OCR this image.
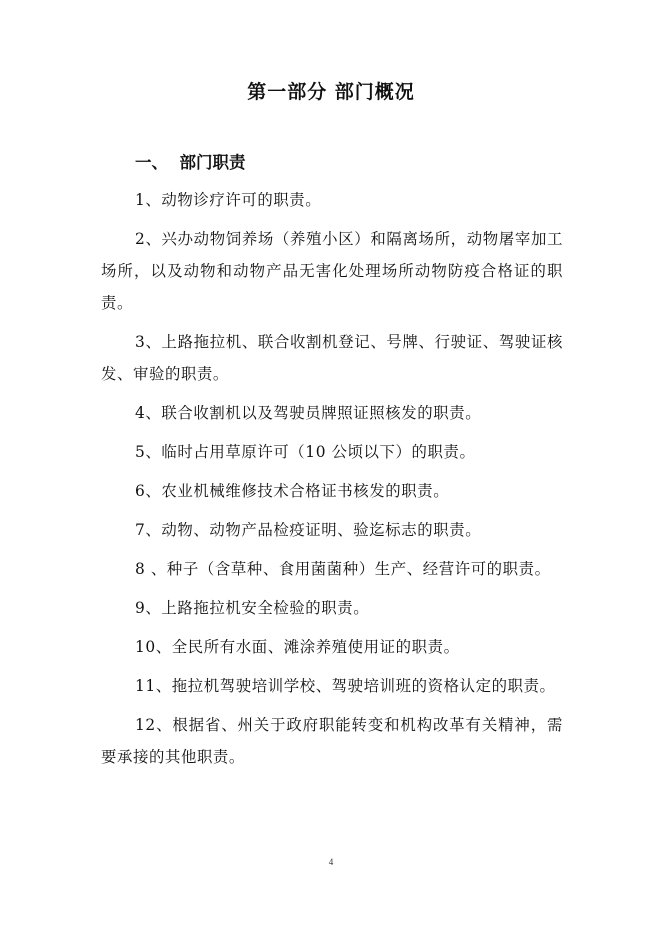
第一部分 部门概况
一、  部门职责

1、动物诊疗许可的职责。

2、兴办动物饲养场（养殖小区）和隔离场所，动物屠宰加工场所，以及动物和动物产品无害化处理场所动物防疫合格证的职责。

3、上路拖拉机、联合收割机登记、号牌、行驶证、驾驶证核发、审验的职责。

4、联合收割机以及驾驶员牌照证照核发的职责。

5、临时占用草原许可（10 公顷以下）的职责。

6、农业机械维修技术合格证书核发的职责。

7、动物、动物产品检疫证明、验迄标志的职责。

8 、种子（含草种、食用菌菌种）生产、经营许可的职责。

9、上路拖拉机安全检验的职责。

10、全民所有水面、滩涂养殖使用证的职责。

11、拖拉机驾驶培训学校、驾驶培训班的资格认定的职责。

12、根据省、州关于政府职能转变和机构改革有关精神，需要承接的其他职责。

4
